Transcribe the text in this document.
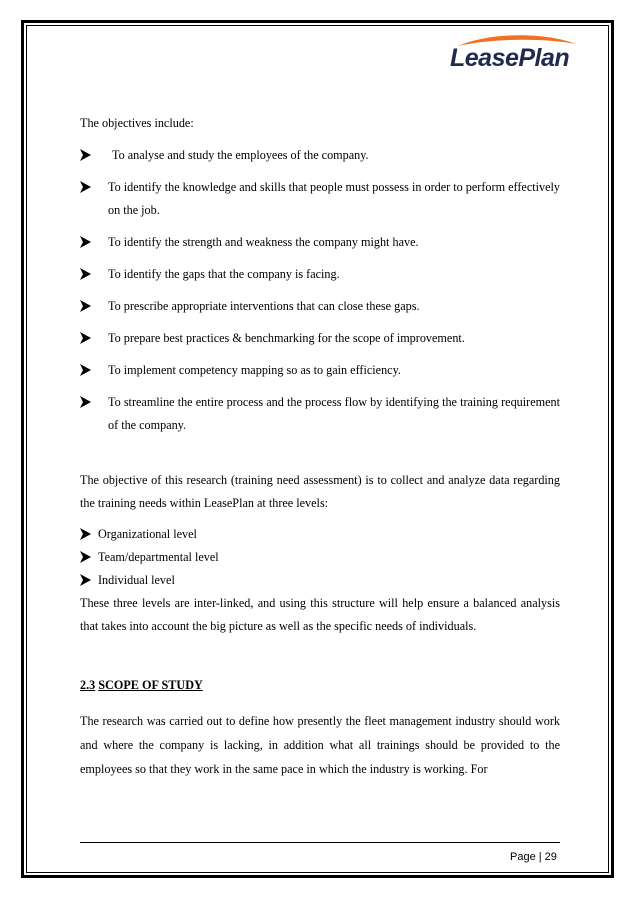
LeasePlan

The objectives include:

To analyse and study the employees of the company.
To identify the knowledge and skills that people must possess in order to perform effectively on the job.
To identify the strength and weakness the company might have.
To identify the gaps that the company is facing.
To prescribe appropriate interventions that can close these gaps.
To prepare best practices & benchmarking for the scope of improvement.
To implement competency mapping so as to gain efficiency.
To streamline the entire process and the process flow by identifying the training requirement of the company.

The objective of this research (training need assessment) is to collect and analyze data regarding the training needs within LeasePlan at three levels:

Organizational level
Team/departmental level
Individual level

These three levels are inter-linked, and using this structure will help ensure a balanced analysis that takes into account the big picture as well as the specific needs of individuals.

2.3 SCOPE OF STUDY

The research was carried out to define how presently the fleet management industry should work and where the company is lacking, in addition what all trainings should be provided to the employees so that they work in the same pace in which the industry is working. For

Page | 29
